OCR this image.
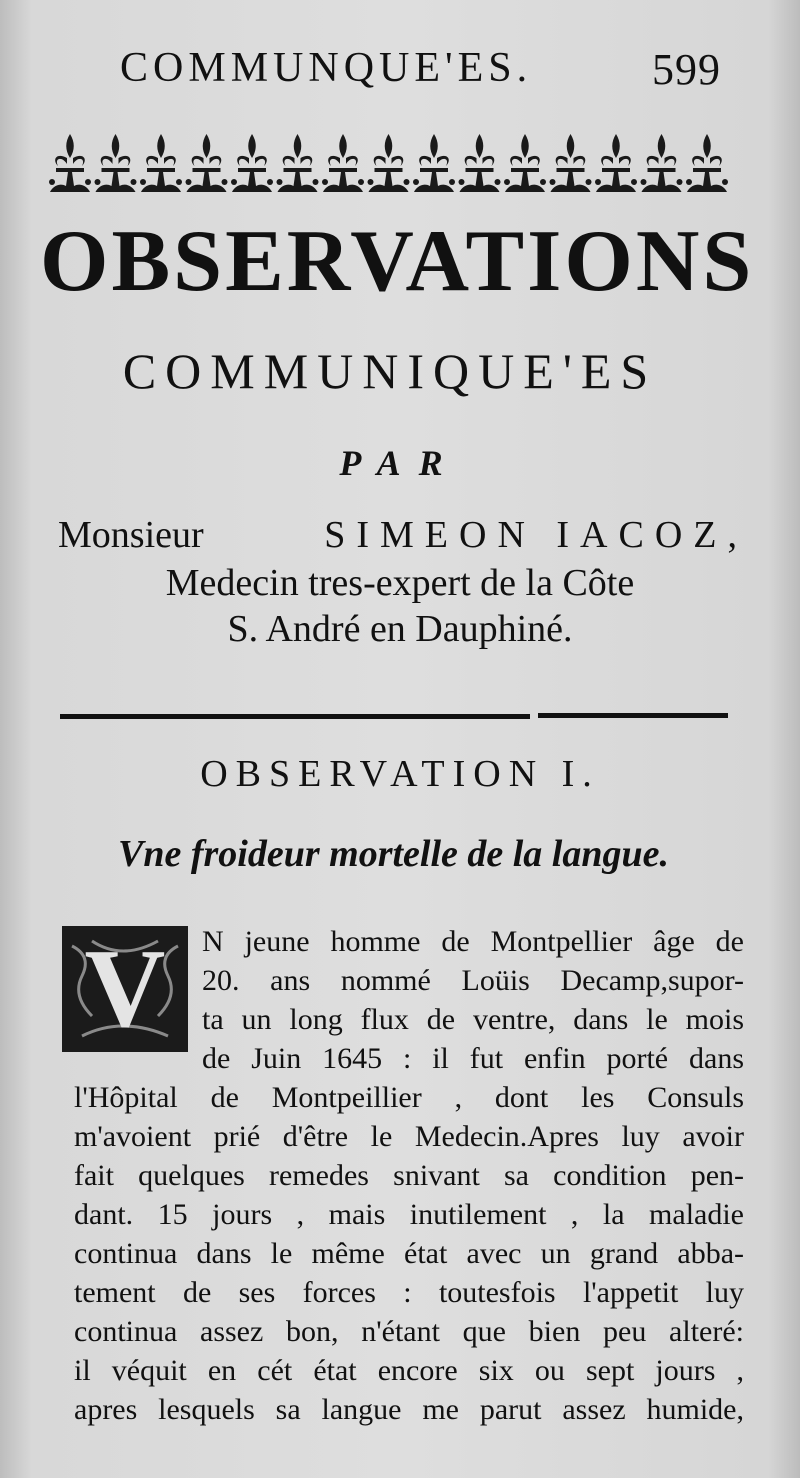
COMMUNQUE'ES.	599
OBSERVATIONS
COMMUNIQUE'ES
PAR
Monsieur	SIMEON IACOZ,
Medecin tres-expert de la Côte
S. André en Dauphiné.
OBSERVATION I.
Vne froideur mortelle de la langue.
V	N jeune homme de Montpellier âge de
20. ans nommé Loüis Decamp,supor-
ta un long flux de ventre, dans le mois
de Juin 1645 : il fut enfin porté dans
l'Hôpital de Montpeillier , dont les Consuls
m'avoient prié d'être le Medecin.Apres luy avoir
fait quelques remedes snivant sa condition pen-
dant. 15 jours , mais inutilement , la maladie
continua dans le même état avec un grand abba-
tement de ses forces : toutesfois l'appetit luy
continua assez bon, n'étant que bien peu alteré:
il véquit en cét état encore six ou sept jours ,
apres lesquels sa langue me parut assez humide,
